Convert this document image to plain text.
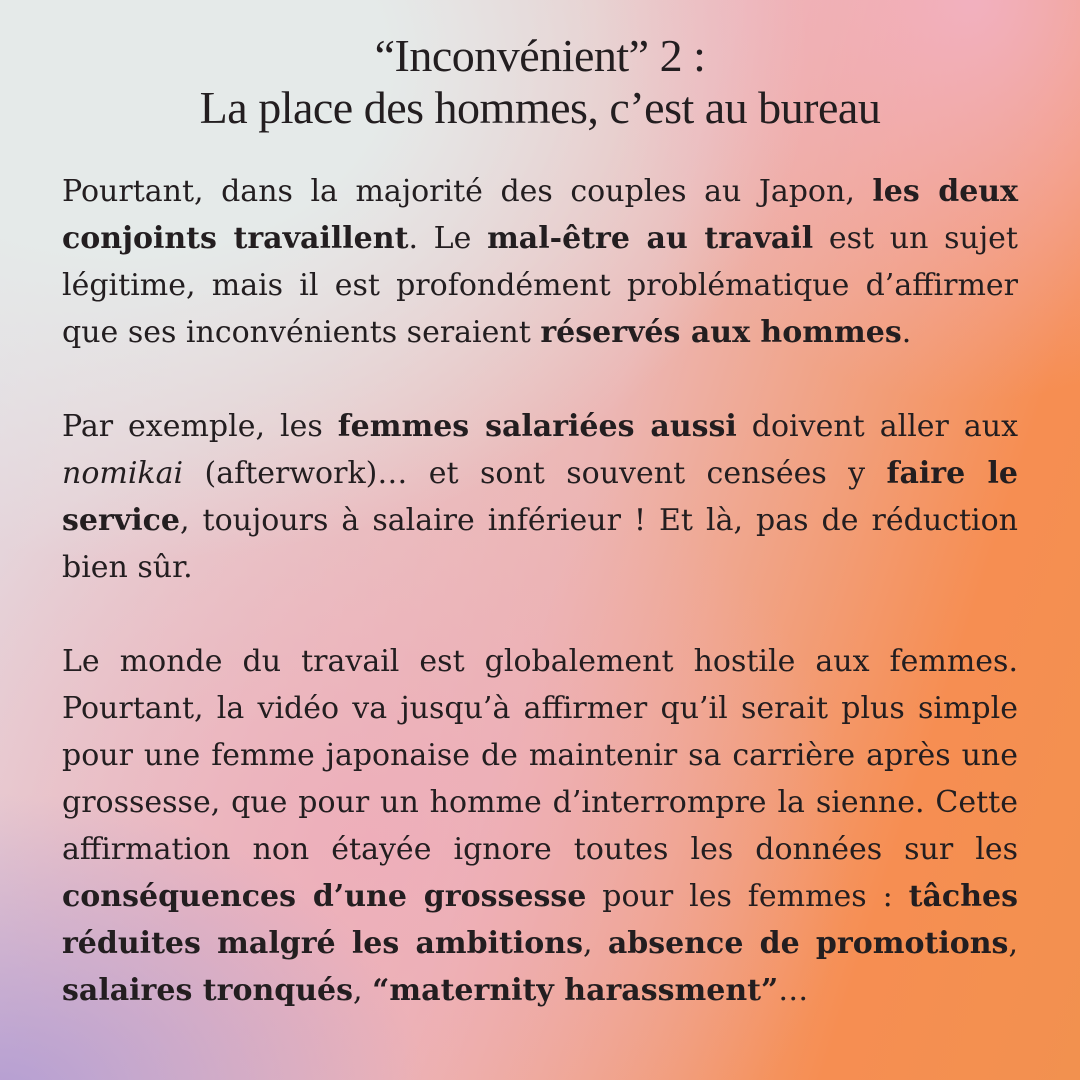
“Inconvénient” 2 :
La place des hommes, c’est au bureau

Pourtant, dans la majorité des couples au Japon, les deux conjoints travaillent. Le mal-être au travail est un sujet légitime, mais il est profondément problématique d’affirmer que ses inconvénients seraient réservés aux hommes.

Par exemple, les femmes salariées aussi doivent aller aux nomikai (afterwork)… et sont souvent censées y faire le service, toujours à salaire inférieur ! Et là, pas de réduction bien sûr.

Le monde du travail est globalement hostile aux femmes. Pourtant, la vidéo va jusqu’à affirmer qu’il serait plus simple pour une femme japonaise de maintenir sa carrière après une grossesse, que pour un homme d’interrompre la sienne. Cette affirmation non étayée ignore toutes les données sur les conséquences d’une grossesse pour les femmes : tâches réduites malgré les ambitions, absence de promotions, salaires tronqués, “maternity harassment”…
